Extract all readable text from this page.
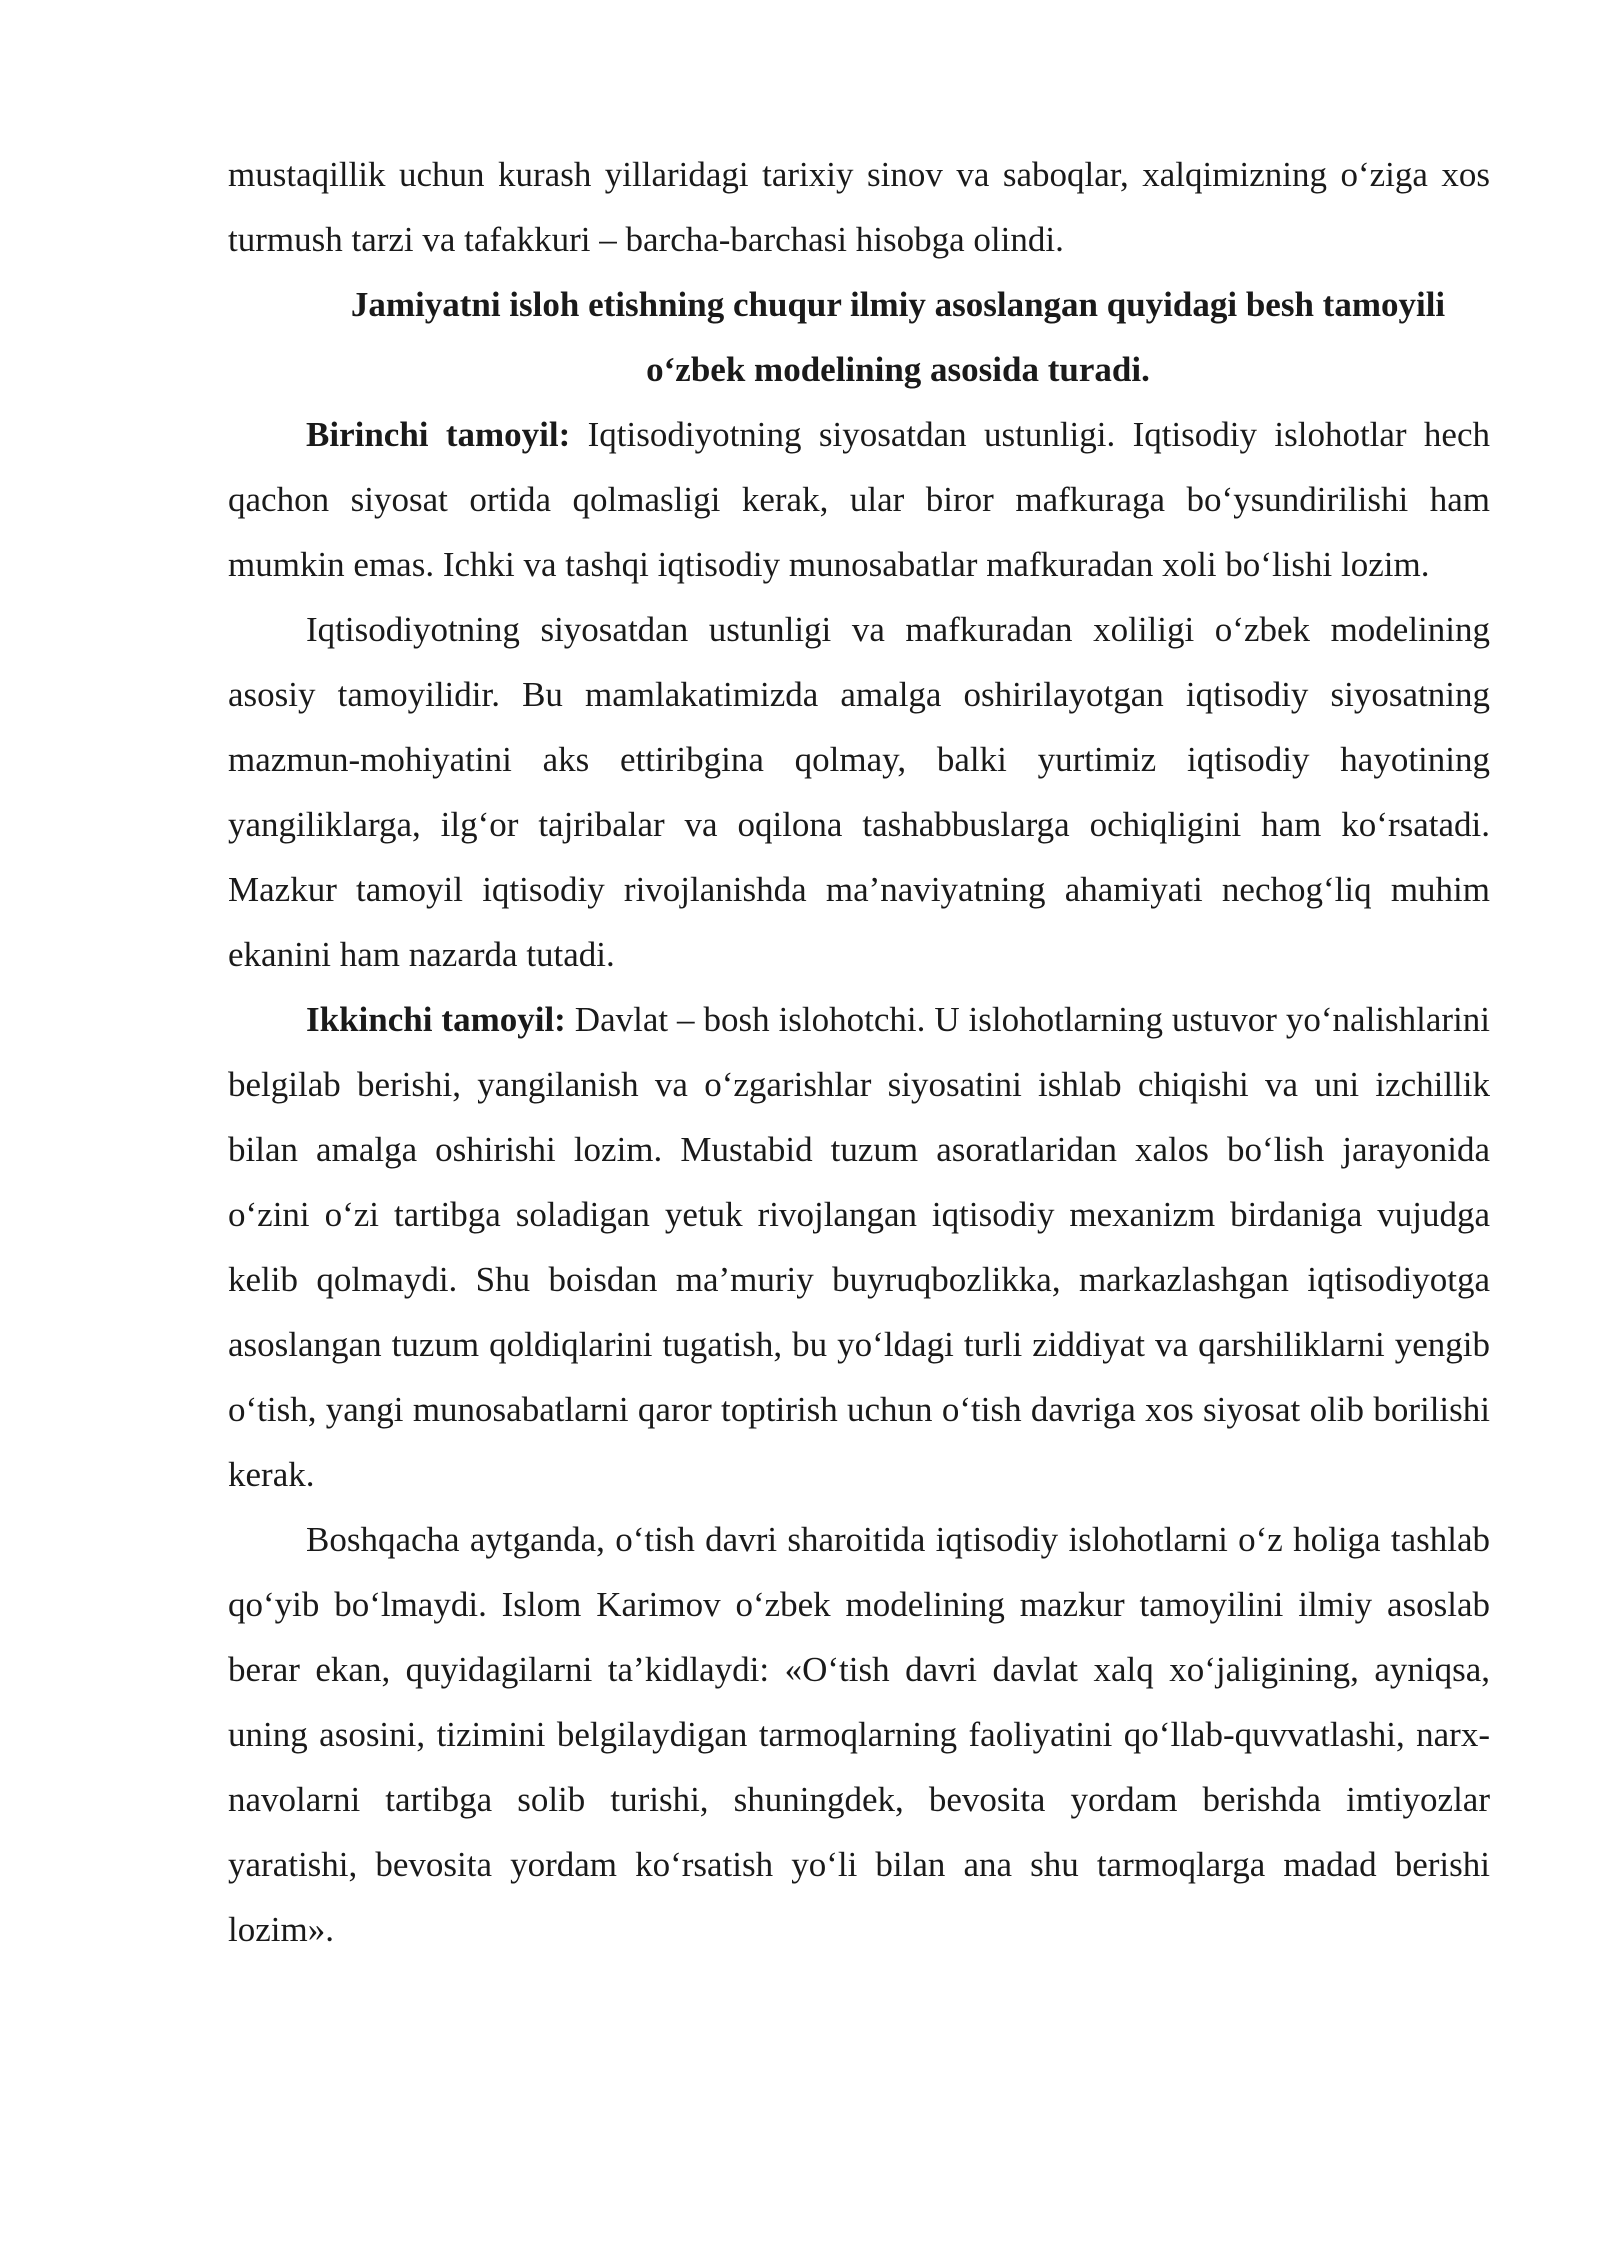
mustaqillik uchun kurash yillaridagi tarixiy sinov va saboqlar, xalqimizning o‘ziga xos turmush tarzi va tafakkuri – barcha-barchasi hisobga olindi.

Jamiyatni isloh etishning chuqur ilmiy asoslangan quyidagi besh tamoyili o‘zbek modelining asosida turadi.

Birinchi tamoyil: Iqtisodiyotning siyosatdan ustunligi. Iqtisodiy islohotlar hech qachon siyosat ortida qolmasligi kerak, ular biror mafkuraga bo‘ysundirilishi ham mumkin emas. Ichki va tashqi iqtisodiy munosabatlar mafkuradan xoli bo‘lishi lozim.

Iqtisodiyotning siyosatdan ustunligi va mafkuradan xoliligi o‘zbek modelining asosiy tamoyilidir. Bu mamlakatimizda amalga oshirilayotgan iqtisodiy siyosatning mazmun-mohiyatini aks ettiribgina qolmay, balki yurtimiz iqtisodiy hayotining yangiliklarga, ilg‘or tajribalar va oqilona tashabbuslarga ochiqligini ham ko‘rsatadi. Mazkur tamoyil iqtisodiy rivojlanishda ma’naviyatning ahamiyati nechog‘liq muhim ekanini ham nazarda tutadi.

Ikkinchi tamoyil: Davlat – bosh islohotchi. U islohotlarning ustuvor yo‘nalishlarini belgilab berishi, yangilanish va o‘zgarishlar siyosatini ishlab chiqishi va uni izchillik bilan amalga oshirishi lozim. Mustabid tuzum asoratlaridan xalos bo‘lish jarayonida o‘zini o‘zi tartibga soladigan yetuk rivojlangan iqtisodiy mexanizm birdaniga vujudga kelib qolmaydi. Shu boisdan ma’muriy buyruqbozlikka, markazlashgan iqtisodiyotga asoslangan tuzum qoldiqlarini tugatish, bu yo‘ldagi turli ziddiyat va qarshiliklarni yengib o‘tish, yangi munosabatlarni qaror toptirish uchun o‘tish davriga xos siyosat olib borilishi kerak.

Boshqacha aytganda, o‘tish davri sharoitida iqtisodiy islohotlarni o‘z holiga tashlab qo‘yib bo‘lmaydi. Islom Karimov o‘zbek modelining mazkur tamoyilini ilmiy asoslab berar ekan, quyidagilarni ta’kidlaydi: «O‘tish davri davlat xalq xo‘jaligining, ayniqsa, uning asosini, tizimini belgilaydigan tarmoqlarning faoliyatini qo‘llab-quvvatlashi, narx-navolarni tartibga solib turishi, shuningdek, bevosita yordam berishda imtiyozlar yaratishi, bevosita yordam ko‘rsatish yo‘li bilan ana shu tarmoqlarga madad berishi lozim».
